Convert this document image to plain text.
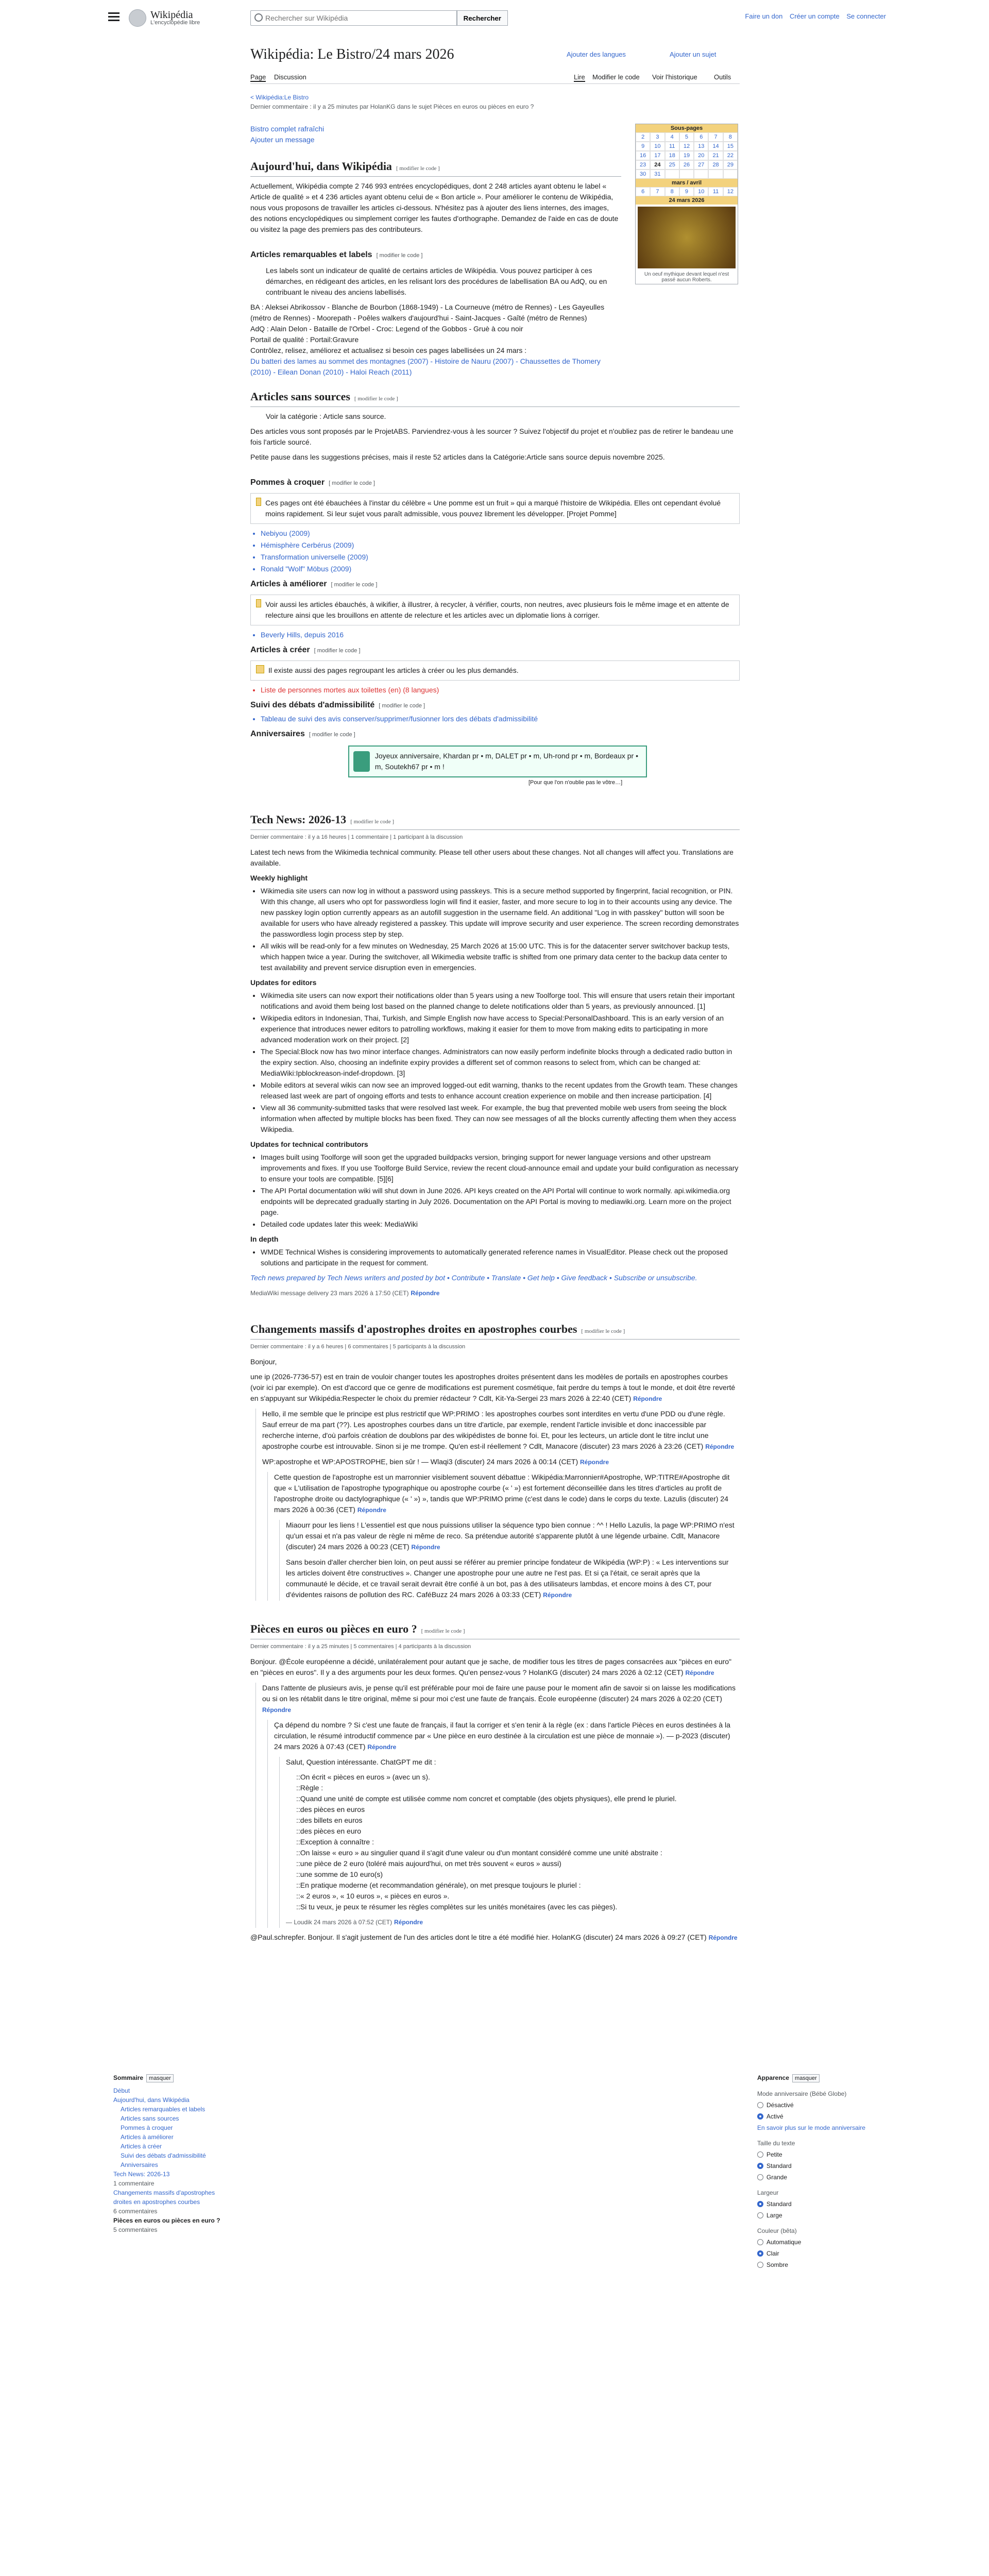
Wikipédia
L'encyclopédie libre
Rechercher sur Wikipédia
Rechercher	Faire un don Créer un compte Se connecter
Wikipédia: Le Bistro/24 mars 2026	Ajouter des langues	Ajouter un sujet
Page Discussion	Lire Modifier le code Voir l'historique Outils
< Wikipédia:Le Bistro
Dernier commentaire : il y a 25 minutes par HolanKG dans le sujet Pièces en euros ou pièces en euro ?
Sous-pages
2	3	4	5	6	7	8
9	10	11	12	13	14	15
16	17	18	19	20	21	22
23	24	25	26	27	28	29
30	31
mars / avril
6	7	8	9	10	11	12
24 mars 2026
Un oeuf mythique devant lequel n'est passé aucun Roberts.
Bistro complet rafraîchi
Ajouter un message
Aujourd'hui, dans Wikipédia [ modifier le code ]
Actuellement, Wikipédia compte 2 746 993 entrées encyclopédiques, dont 2 248 articles ayant obtenu le label « Article de qualité » et 4 236 articles ayant obtenu celui de « Bon article ». Pour améliorer le contenu de Wikipédia, nous vous proposons de travailler les articles ci-dessous. N'hésitez pas à ajouter des liens internes, des images, des notions encyclopédiques ou simplement corriger les fautes d'orthographe. Demandez de l'aide en cas de doute ou visitez la page des premiers pas des contributeurs.
Articles remarquables et labels [ modifier le code ]
Les labels sont un indicateur de qualité de certains articles de Wikipédia. Vous pouvez participer à ces démarches, en rédigeant des articles, en les relisant lors des procédures de labellisation BA ou AdQ, ou en contribuant le niveau des anciens labellisés.
BA : Aleksei Abrikossov - Blanche de Bourbon (1868-1949) - La Courneuve (métro de Rennes) - Les Gayeulles (métro de Rennes) - Moorepath - Poêles walkers d'aujourd'hui - Saint-Jacques - Gaîté (métro de Rennes)
AdQ : Alain Delon - Bataille de l'Orbel - Croc: Legend of the Gobbos - Gruè à cou noir
Portail de qualité : Portail:Gravure
Contrôlez, relisez, améliorez et actualisez si besoin ces pages labellisées un 24 mars :
Du batteri des lames au sommet des montagnes (2007) - Histoire de Nauru (2007) - Chaussettes de Thomery (2010) - Eilean Donan (2010) - Haloi Reach (2011)
Articles sans sources [ modifier le code ]
Voir la catégorie : Article sans source.
Des articles vous sont proposés par le ProjetABS. Parviendrez-vous à les sourcer ? Suivez l'objectif du projet et n'oubliez pas de retirer le bandeau une fois l'article sourcé.
Petite pause dans les suggestions précises, mais il reste 52 articles dans la Catégorie:Article sans source depuis novembre 2025.
Pommes à croquer [ modifier le code ]
Ces pages ont été ébauchées à l'instar du célèbre « Une pomme est un fruit » qui a marqué l'histoire de Wikipédia. Elles ont cependant évolué moins rapidement. Si leur sujet vous paraît admissible, vous pouvez librement les développer. [Projet Pomme]
• Nebiyou (2009)
• Hémisphère Cerbérus (2009)
• Transformation universelle (2009)
• Ronald "Wolf" Möbus (2009)
Articles à améliorer [ modifier le code ]
Voir aussi les articles ébauchés, à wikifier, à illustrer, à recycler, à vérifier, courts, non neutres, avec plusieurs fois le même image et en attente de relecture ainsi que les brouillons en attente de relecture et les articles avec un diplomatie lions à corriger.
• Beverly Hills, depuis 2016
Articles à créer [ modifier le code ]
Il existe aussi des pages regroupant les articles à créer ou les plus demandés.
• Liste de personnes mortes aux toilettes (en) (8 langues)
Suivi des débats d'admissibilité [ modifier le code ]
• Tableau de suivi des avis conserver/supprimer/fusionner lors des débats d'admissibilité
Anniversaires [ modifier le code ]
Joyeux anniversaire, Khardan pr • m, DALET pr • m, Uh-rond pr • m, Bordeaux pr • m, Soutekh67 pr • m !
[Pour que l'on n'oublie pas le vôtre…]
Tech News: 2026-13 [ modifier le code ]
Dernier commentaire : il y a 16 heures | 1 commentaire | 1 participant à la discussion
Latest tech news from the Wikimedia technical community. Please tell other users about these changes. Not all changes will affect you. Translations are available.
Weekly highlight
• Wikimedia site users can now log in without a password using passkeys. This is a secure method supported by fingerprint, facial recognition, or PIN. With this change, all users who opt for passwordless login will find it easier, faster, and more secure to log in to their accounts using any device. The new passkey login option currently appears as an autofill suggestion in the username field. An additional "Log in with passkey" button will soon be available for users who have already registered a passkey. This update will improve security and user experience. The screen recording demonstrates the passwordless login process step by step.
• All wikis will be read-only for a few minutes on Wednesday, 25 March 2026 at 15:00 UTC. This is for the datacenter server switchover backup tests, which happen twice a year. During the switchover, all Wikimedia website traffic is shifted from one primary data center to the backup data center to test availability and prevent service disruption even in emergencies.
Updates for editors
• Wikimedia site users can now export their notifications older than 5 years using a new Toolforge tool. This will ensure that users retain their important notifications and avoid them being lost based on the planned change to delete notifications older than 5 years, as previously announced. [1]
• Wikipedia editors in Indonesian, Thai, Turkish, and Simple English now have access to Special:PersonalDashboard. This is an early version of an experience that introduces newer editors to patrolling workflows, making it easier for them to move from making edits to participating in more advanced moderation work on their project. [2]
• The Special:Block now has two minor interface changes. Administrators can now easily perform indefinite blocks through a dedicated radio button in the expiry section. Also, choosing an indefinite expiry provides a different set of common reasons to select from, which can be changed at: MediaWiki:Ipblockreason-indef-dropdown. [3]
• Mobile editors at several wikis can now see an improved logged-out edit warning, thanks to the recent updates from the Growth team. These changes released last week are part of ongoing efforts and tests to enhance account creation experience on mobile and then increase participation. [4]
• View all 36 community-submitted tasks that were resolved last week. For example, the bug that prevented mobile web users from seeing the block information when affected by multiple blocks has been fixed. They can now see messages of all the blocks currently affecting them when they access Wikipedia.
Updates for technical contributors
• Images built using Toolforge will soon get the upgraded buildpacks version, bringing support for newer language versions and other upstream improvements and fixes. If you use Toolforge Build Service, review the recent cloud-announce email and update your build configuration as necessary to ensure your tools are compatible. [5][6]
• The API Portal documentation wiki will shut down in June 2026. API keys created on the API Portal will continue to work normally. api.wikimedia.org endpoints will be deprecated gradually starting in July 2026. Documentation on the API Portal is moving to mediawiki.org. Learn more on the project page.
• Detailed code updates later this week: MediaWiki
In depth
• WMDE Technical Wishes is considering improvements to automatically generated reference names in VisualEditor. Please check out the proposed solutions and participate in the request for comment.
Tech news prepared by Tech News writers and posted by bot • Contribute • Translate • Get help • Give feedback • Subscribe or unsubscribe.
MediaWiki message delivery 23 mars 2026 à 17:50 (CET) Répondre
Changements massifs d'apostrophes droites en apostrophes courbes [ modifier le code ]
Dernier commentaire : il y a 6 heures | 6 commentaires | 5 participants à la discussion
Bonjour,
une ip (2026-7736-57) est en train de vouloir changer toutes les apostrophes droites présentent dans les modèles de portails en apostrophes courbes (voir ici par exemple). On est d'accord que ce genre de modifications est purement cosmétique, fait perdre du temps à tout le monde, et doit être reverté en s'appuyant sur Wikipédia:Respecter le choix du premier rédacteur ? Cdlt, Kit-Ya-Sergei 23 mars 2026 à 22:40 (CET) Répondre
Hello, il me semble que le principe est plus restrictif que WP:PRIMO : les apostrophes courbes sont interdites en vertu d'une PDD ou d'une règle. Sauf erreur de ma part (??). Les apostrophes courbes dans un titre d'article, par exemple, rendent l'article invisible et donc inaccessible par recherche interne, d'où parfois création de doublons par des wikipédistes de bonne foi. Et, pour les lecteurs, un article dont le titre inclut une apostrophe courbe est introuvable. Sinon si je me trompe. Qu'en est-il réellement ? Cdlt, Manacore (discuter) 23 mars 2026 à 23:26 (CET) Répondre
WP:apostrophe et WP:APOSTROPHE, bien sûr ! — Wlaqi3 (discuter) 24 mars 2026 à 00:14 (CET) Répondre
Cette question de l'apostrophe est un marronnier visiblement souvent débattue : Wikipédia:Marronnier#Apostrophe, WP:TITRE#Apostrophe dit que « L'utilisation de l'apostrophe typographique ou apostrophe courbe (« ' ») est fortement déconseillée dans les titres d'articles au profit de l'apostrophe droite ou dactylographique (« ' ») », tandis que WP:PRIMO prime (c'est dans le code) dans le corps du texte. Lazulis (discuter) 24 mars 2026 à 00:36 (CET) Répondre
Miaourr pour les liens ! L'essentiel est que nous puissions utiliser la séquence typo bien connue : ^^ ! Hello Lazulis, la page WP:PRIMO n'est qu'un essai et n'a pas valeur de règle ni même de reco. Sa prétendue autorité s'apparente plutôt à une légende urbaine. Cdlt, Manacore (discuter) 24 mars 2026 à 00:23 (CET) Répondre
Sans besoin d'aller chercher bien loin, on peut aussi se référer au premier principe fondateur de Wikipédia (WP:P) : « Les interventions sur les articles doivent être constructives ». Changer une apostrophe pour une autre ne l'est pas. Et si ça l'était, ce serait après que la communauté le décide, et ce travail serait devrait être confié à un bot, pas à des utilisateurs lambdas, et encore moins à des CT, pour d'évidentes raisons de pollution des RC. CaféBuzz 24 mars 2026 à 03:33 (CET) Répondre
Pièces en euros ou pièces en euro ? [ modifier le code ]
Dernier commentaire : il y a 25 minutes | 5 commentaires | 4 participants à la discussion
Bonjour. @École européenne a décidé, unilatéralement pour autant que je sache, de modifier tous les titres de pages consacrées aux "pièces en euro" en "pièces en euros". Il y a des arguments pour les deux formes. Qu'en pensez-vous ? HolanKG (discuter) 24 mars 2026 à 02:12 (CET) Répondre
Dans l'attente de plusieurs avis, je pense qu'il est préférable pour moi de faire une pause pour le moment afin de savoir si on laisse les modifications ou si on les rétablit dans le titre original, même si pour moi c'est une faute de français. École européenne (discuter) 24 mars 2026 à 02:20 (CET) Répondre
Ça dépend du nombre ? Si c'est une faute de français, il faut la corriger et s'en tenir à la règle (ex : dans l'article Pièces en euros destinées à la circulation, le résumé introductif commence par « Une pièce en euro destinée à la circulation est une pièce de monnaie »). — p-2023 (discuter) 24 mars 2026 à 07:43 (CET) Répondre
Salut, Question intéressante. ChatGPT me dit :
::On écrit « pièces en euros » (avec un s).
::Règle :
::Quand une unité de compte est utilisée comme nom concret et comptable (des objets physiques), elle prend le pluriel.
::des pièces en euros
::des billets en euros
::des pièces en euro
::Exception à connaître :
::On laisse « euro » au singulier quand il s'agit d'une valeur ou d'un montant considéré comme une unité abstraite :
::une pièce de 2 euro (toléré mais aujourd'hui, on met très souvent « euros » aussi)
::une somme de 10 euro(s)
::En pratique moderne (et recommandation générale), on met presque toujours le pluriel :
::« 2 euros », « 10 euros », « pièces en euros ».
::Si tu veux, je peux te résumer les règles complètes sur les unités monétaires (avec les cas pièges).
— Loudik 24 mars 2026 à 07:52 (CET) Répondre
@Paul.schrepfer. Bonjour. Il s'agit justement de l'un des articles dont le titre a été modifié hier. HolanKG (discuter) 24 mars 2026 à 09:27 (CET) Répondre
Sommaire masquer
Début
Aujourd'hui, dans Wikipédia
Articles remarquables et labels
Articles sans sources
Pommes à croquer
Articles à améliorer
Articles à créer
Suivi des débats d'admissibilité
Anniversaires
Tech News: 2026-13
1 commentaire
Changements massifs d'apostrophes droites en apostrophes courbes
6 commentaires
Pièces en euros ou pièces en euro ?
5 commentaires
Apparence masquer
Mode anniversaire (Bébé Globe)
Désactivé
Activé
En savoir plus sur le mode anniversaire
Taille du texte
Petite
Standard
Grande
Largeur
Standard
Large
Couleur (bêta)
Automatique
Clair
Sombre
